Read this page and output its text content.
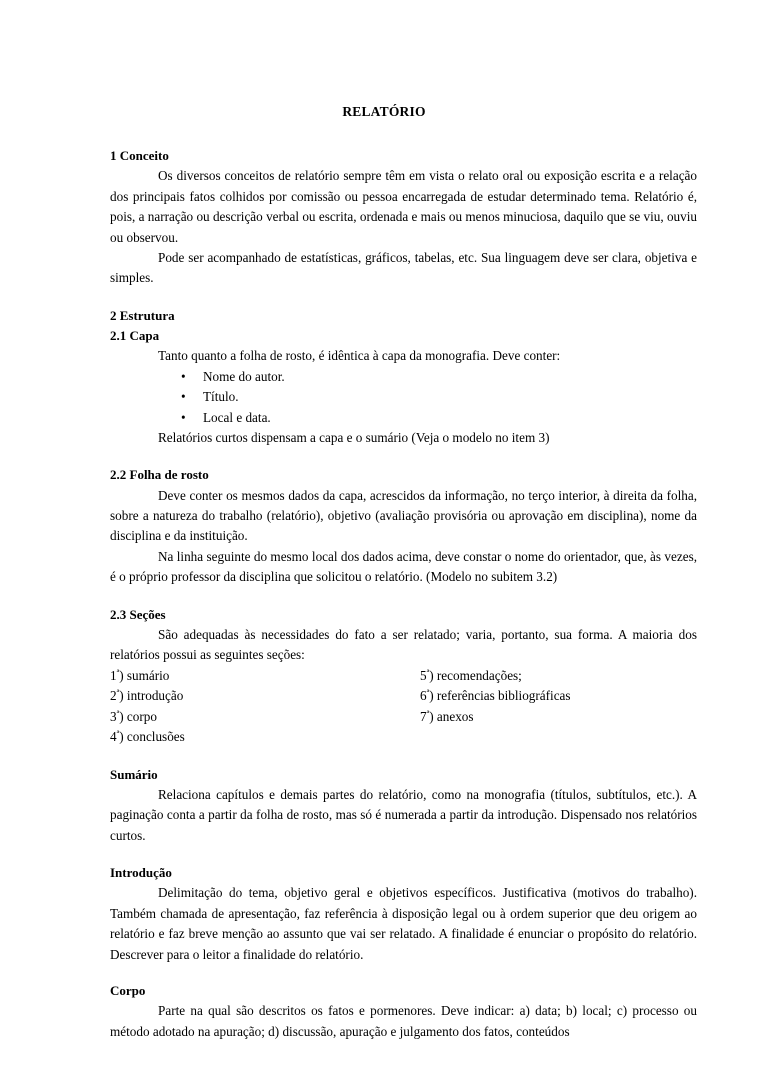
RELATÓRIO
1 Conceito

Os diversos conceitos de relatório sempre têm em vista o relato oral ou exposição escrita e a relação dos principais fatos colhidos por comissão ou pessoa encarregada de estudar determinado tema. Relatório é, pois, a narração ou descrição verbal ou escrita, ordenada e mais ou menos minuciosa, daquilo que se viu, ouviu ou observou.

Pode ser acompanhado de estatísticas, gráficos, tabelas, etc. Sua linguagem deve ser clara, objetiva e simples.

2 Estrutura
2.1 Capa

Tanto quanto a folha de rosto, é idêntica à capa da monografia. Deve conter:

• Nome do autor.
• Título.
• Local e data.

Relatórios curtos dispensam a capa e o sumário (Veja o modelo no item 3)

2.2 Folha de rosto

Deve conter os mesmos dados da capa, acrescidos da informação, no terço interior, à direita da folha, sobre a natureza do trabalho (relatório), objetivo (avaliação provisória ou aprovação em disciplina), nome da disciplina e da instituição.

Na linha seguinte do mesmo local dos dados acima, deve constar o nome do orientador, que, às vezes, é o próprio professor da disciplina que solicitou o relatório. (Modelo no subitem 3.2)

2.3 Seções

São adequadas às necessidades do fato a ser relatado; varia, portanto, sua forma. A maioria dos relatórios possui as seguintes seções:

$1^ª$) sumário	$5^ª$) recomendações;
$2^ª$) introdução	$6^ª$) referências bibliográficas
$3^ª$) corpo	$7^ª$) anexos
$4^ª$) conclusões
Sumário

Relaciona capítulos e demais partes do relatório, como na monografia (títulos, subtítulos, etc.). A paginação conta a partir da folha de rosto, mas só é numerada a partir da introdução. Dispensado nos relatórios curtos.

Introdução

Delimitação do tema, objetivo geral e objetivos específicos. Justificativa (motivos do trabalho). Também chamada de apresentação, faz referência à disposição legal ou à ordem superior que deu origem ao relatório e faz breve menção ao assunto que vai ser relatado. A finalidade é enunciar o propósito do relatório. Descrever para o leitor a finalidade do relatório.

Corpo

Parte na qual são descritos os fatos e pormenores. Deve indicar: a) data; b) local; c) processo ou método adotado na apuração; d) discussão, apuração e julgamento dos fatos, conteúdos
